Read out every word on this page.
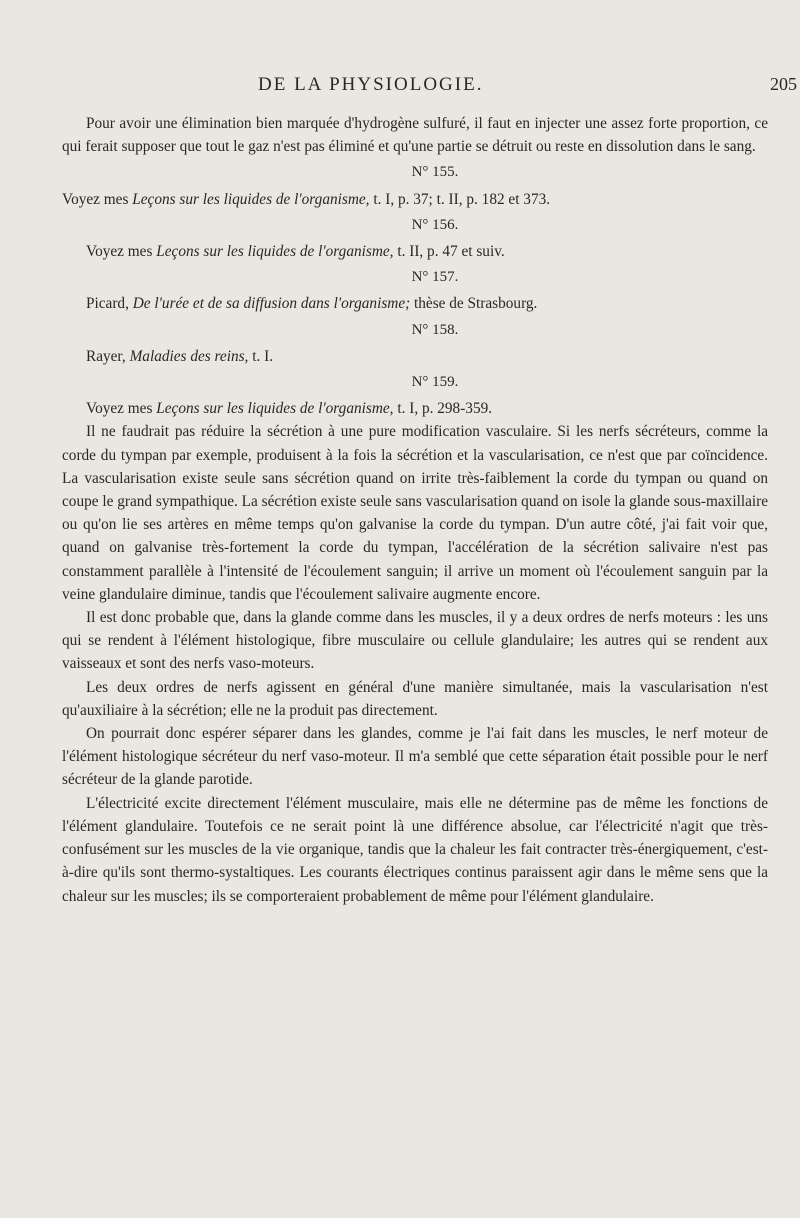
DE LA PHYSIOLOGIE.	205

Pour avoir une élimination bien marquée d'hydrogène sulfuré, il faut en injecter une assez forte proportion, ce qui ferait supposer que tout le gaz n'est pas éliminé et qu'une partie se détruit ou reste en dissolution dans le sang.

N° 155.

Voyez mes Leçons sur les liquides de l'organisme, t. I, p. 37; t. II, p. 182 et 373.

N° 156.

Voyez mes Leçons sur les liquides de l'organisme, t. II, p. 47 et suiv.

N° 157.

Picard, De l'urée et de sa diffusion dans l'organisme; thèse de Strasbourg.

N° 158.

Rayer, Maladies des reins, t. I.

N° 159.

Voyez mes Leçons sur les liquides de l'organisme, t. I, p. 298-359.

Il ne faudrait pas réduire la sécrétion à une pure modification vasculaire. Si les nerfs sécréteurs, comme la corde du tympan par exemple, produisent à la fois la sécrétion et la vascularisation, ce n'est que par coïncidence. La vascularisation existe seule sans sécrétion quand on irrite très-faiblement la corde du tympan ou quand on coupe le grand sympathique. La sécrétion existe seule sans vascularisation quand on isole la glande sous-maxillaire ou qu'on lie ses artères en même temps qu'on galvanise la corde du tympan. D'un autre côté, j'ai fait voir que, quand on galvanise très-fortement la corde du tympan, l'accélération de la sécrétion salivaire n'est pas constamment parallèle à l'intensité de l'écoulement sanguin; il arrive un moment où l'écoulement sanguin par la veine glandulaire diminue, tandis que l'écoulement salivaire augmente encore.

Il est donc probable que, dans la glande comme dans les muscles, il y a deux ordres de nerfs moteurs : les uns qui se rendent à l'élément histologique, fibre musculaire ou cellule glandulaire; les autres qui se rendent aux vaisseaux et sont des nerfs vaso-moteurs.

Les deux ordres de nerfs agissent en général d'une manière simultanée, mais la vascularisation n'est qu'auxiliaire à la sécrétion; elle ne la produit pas directement.

On pourrait donc espérer séparer dans les glandes, comme je l'ai fait dans les muscles, le nerf moteur de l'élément histologique sécréteur du nerf vaso-moteur. Il m'a semblé que cette séparation était possible pour le nerf sécréteur de la glande parotide.

L'électricité excite directement l'élément musculaire, mais elle ne détermine pas de même les fonctions de l'élément glandulaire. Toutefois ce ne serait point là une différence absolue, car l'électricité n'agit que très-confusément sur les muscles de la vie organique, tandis que la chaleur les fait contracter très-énergiquement, c'est-à-dire qu'ils sont thermo-systaltiques. Les courants électriques continus paraissent agir dans le même sens que la chaleur sur les muscles; ils se comporteraient probablement de même pour l'élément glandulaire.
